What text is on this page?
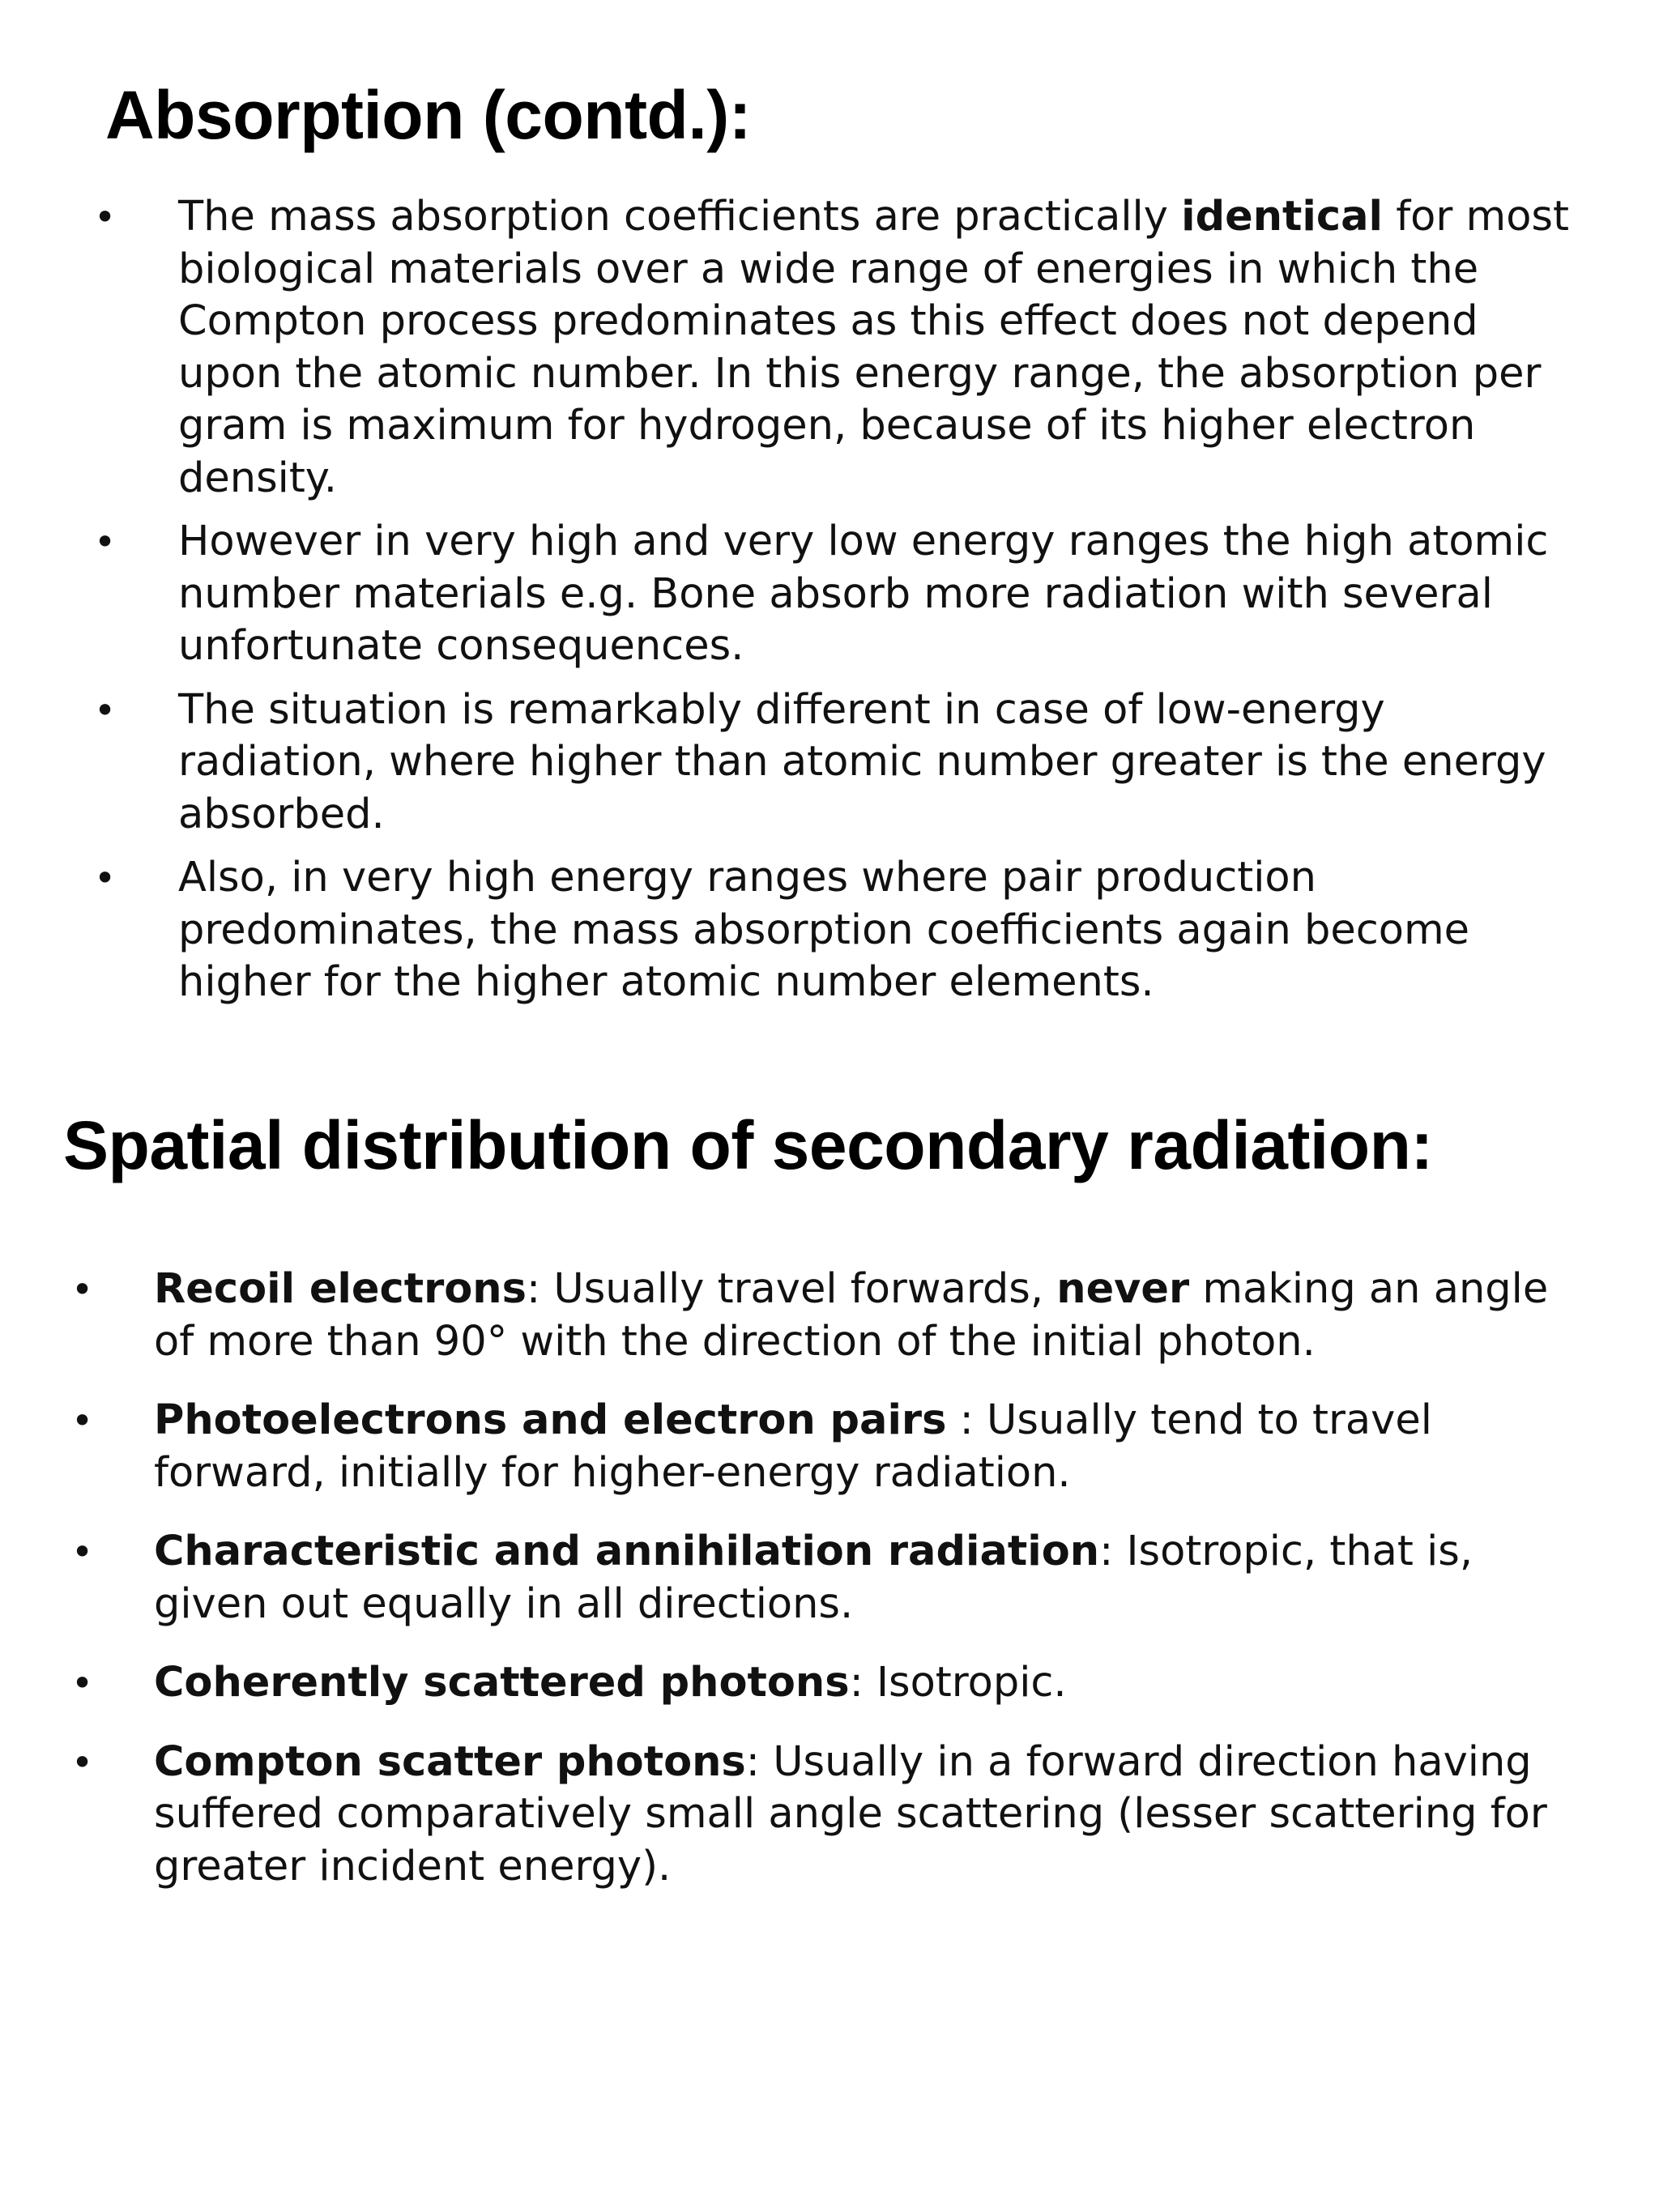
Absorption (contd.):
• The mass absorption coefficients are practically identical for most biological materials over a wide range of energies in which the Compton process predominates as this effect does not depend upon the atomic number. In this energy range, the absorption per gram is maximum for hydrogen, because of its higher electron density.
• However in very high and very low energy ranges the high atomic number materials e.g. Bone absorb more radiation with several unfortunate consequences.
• The situation is remarkably different in case of low-energy radiation, where higher than atomic number greater is the energy absorbed.
• Also, in very high energy ranges where pair production predominates, the mass absorption coefficients again become higher for the higher atomic number elements.
Spatial distribution of secondary radiation:
• Recoil electrons: Usually travel forwards, never making an angle of more than 90° with the direction of the initial photon.
• Photoelectrons and electron pairs : Usually tend to travel forward, initially for higher-energy radiation.
• Characteristic and annihilation radiation: Isotropic, that is, given out equally in all directions.
• Coherently scattered photons: Isotropic.
• Compton scatter photons: Usually in a forward direction having suffered comparatively small angle scattering (lesser scattering for greater incident energy).
